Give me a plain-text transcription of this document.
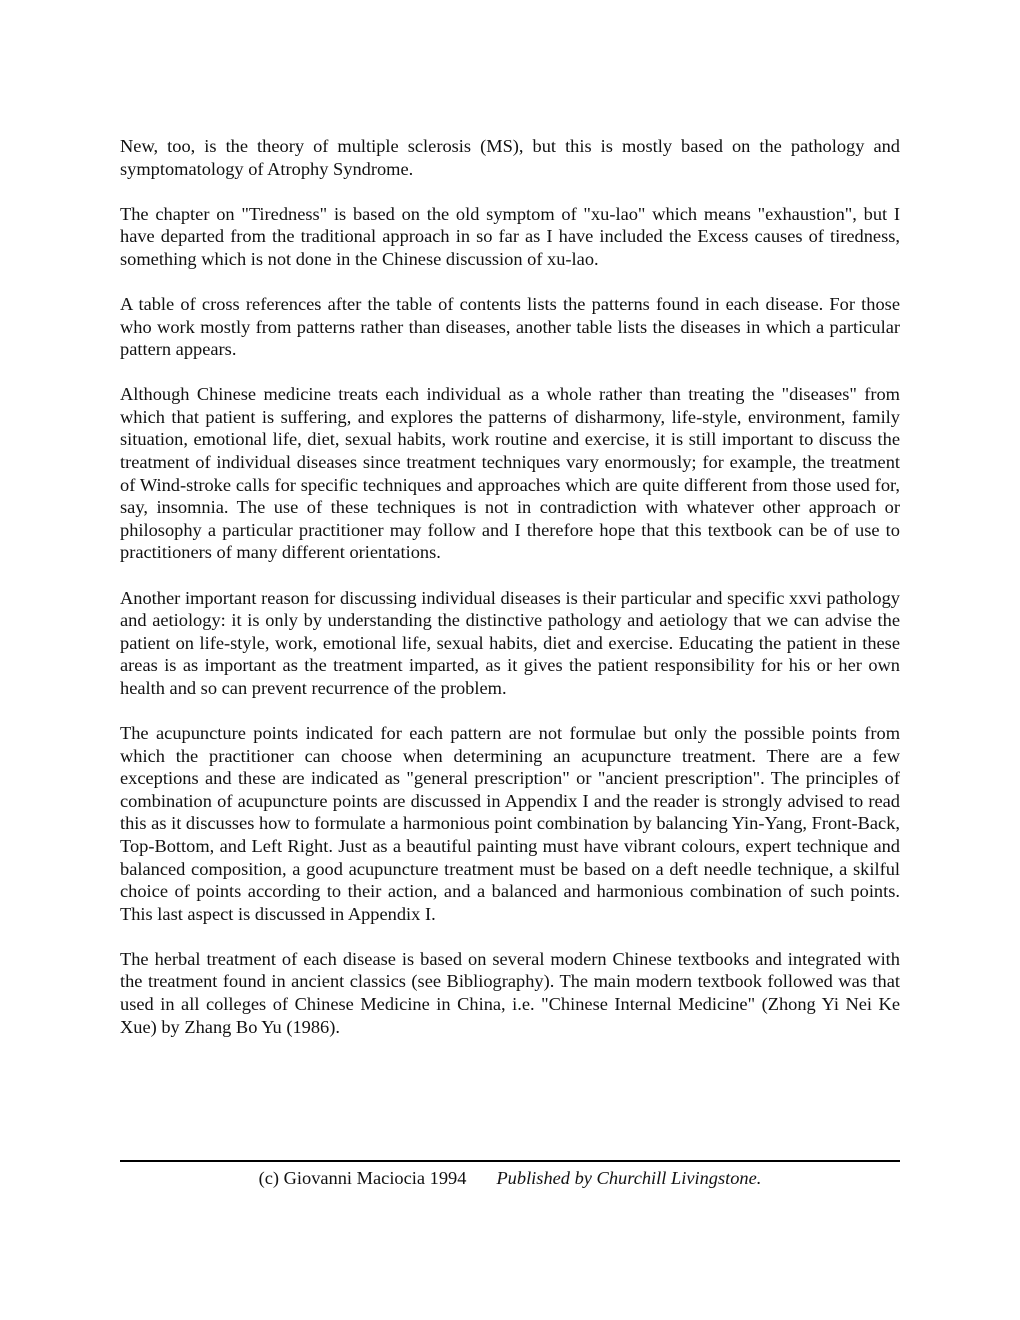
New, too, is the theory of multiple sclerosis (MS), but this is mostly based on the pathology and symptomatology of Atrophy Syndrome.

The chapter on "Tiredness" is based on the old symptom of "xu-lao" which means "exhaustion", but I have departed from the traditional approach in so far as I have included the Excess causes of tiredness, something which is not done in the Chinese discussion of xu-lao.

A table of cross references after the table of contents lists the patterns found in each disease. For those who work mostly from patterns rather than diseases, another table lists the diseases in which a particular pattern appears.

Although Chinese medicine treats each individual as a whole rather than treating the "diseases" from which that patient is suffering, and explores the patterns of disharmony, life-style, environment, family situation, emotional life, diet, sexual habits, work routine and exercise, it is still important to discuss the treatment of individual diseases since treatment techniques vary enormously; for example, the treatment of Wind-stroke calls for specific techniques and approaches which are quite different from those used for, say, insomnia. The use of these techniques is not in contradiction with whatever other approach or philosophy a particular practitioner may follow and I therefore hope that this textbook can be of use to practitioners of many different orientations.

Another important reason for discussing individual diseases is their particular and specific xxvi pathology and aetiology: it is only by understanding the distinctive pathology and aetiology that we can advise the patient on life-style, work, emotional life, sexual habits, diet and exercise. Educating the patient in these areas is as important as the treatment imparted, as it gives the patient responsibility for his or her own health and so can prevent recurrence of the problem.

The acupuncture points indicated for each pattern are not formulae but only the possible points from which the practitioner can choose when determining an acupuncture treatment. There are a few exceptions and these are indicated as "general prescription" or "ancient prescription". The principles of combination of acupuncture points are discussed in Appendix I and the reader is strongly advised to read this as it discusses how to formulate a harmonious point combination by balancing Yin-Yang, Front-Back, Top-Bottom, and Left Right. Just as a beautiful painting must have vibrant colours, expert technique and balanced composition, a good acupuncture treatment must be based on a deft needle technique, a skilful choice of points according to their action, and a balanced and harmonious combination of such points. This last aspect is discussed in Appendix I.

The herbal treatment of each disease is based on several modern Chinese textbooks and integrated with the treatment found in ancient classics (see Bibliography). The main modern textbook followed was that used in all colleges of Chinese Medicine in China, i.e. "Chinese Internal Medicine" (Zhong Yi Nei Ke Xue) by Zhang Bo Yu (1986).

(c) Giovanni Maciocia 1994 Published by Churchill Livingstone.
